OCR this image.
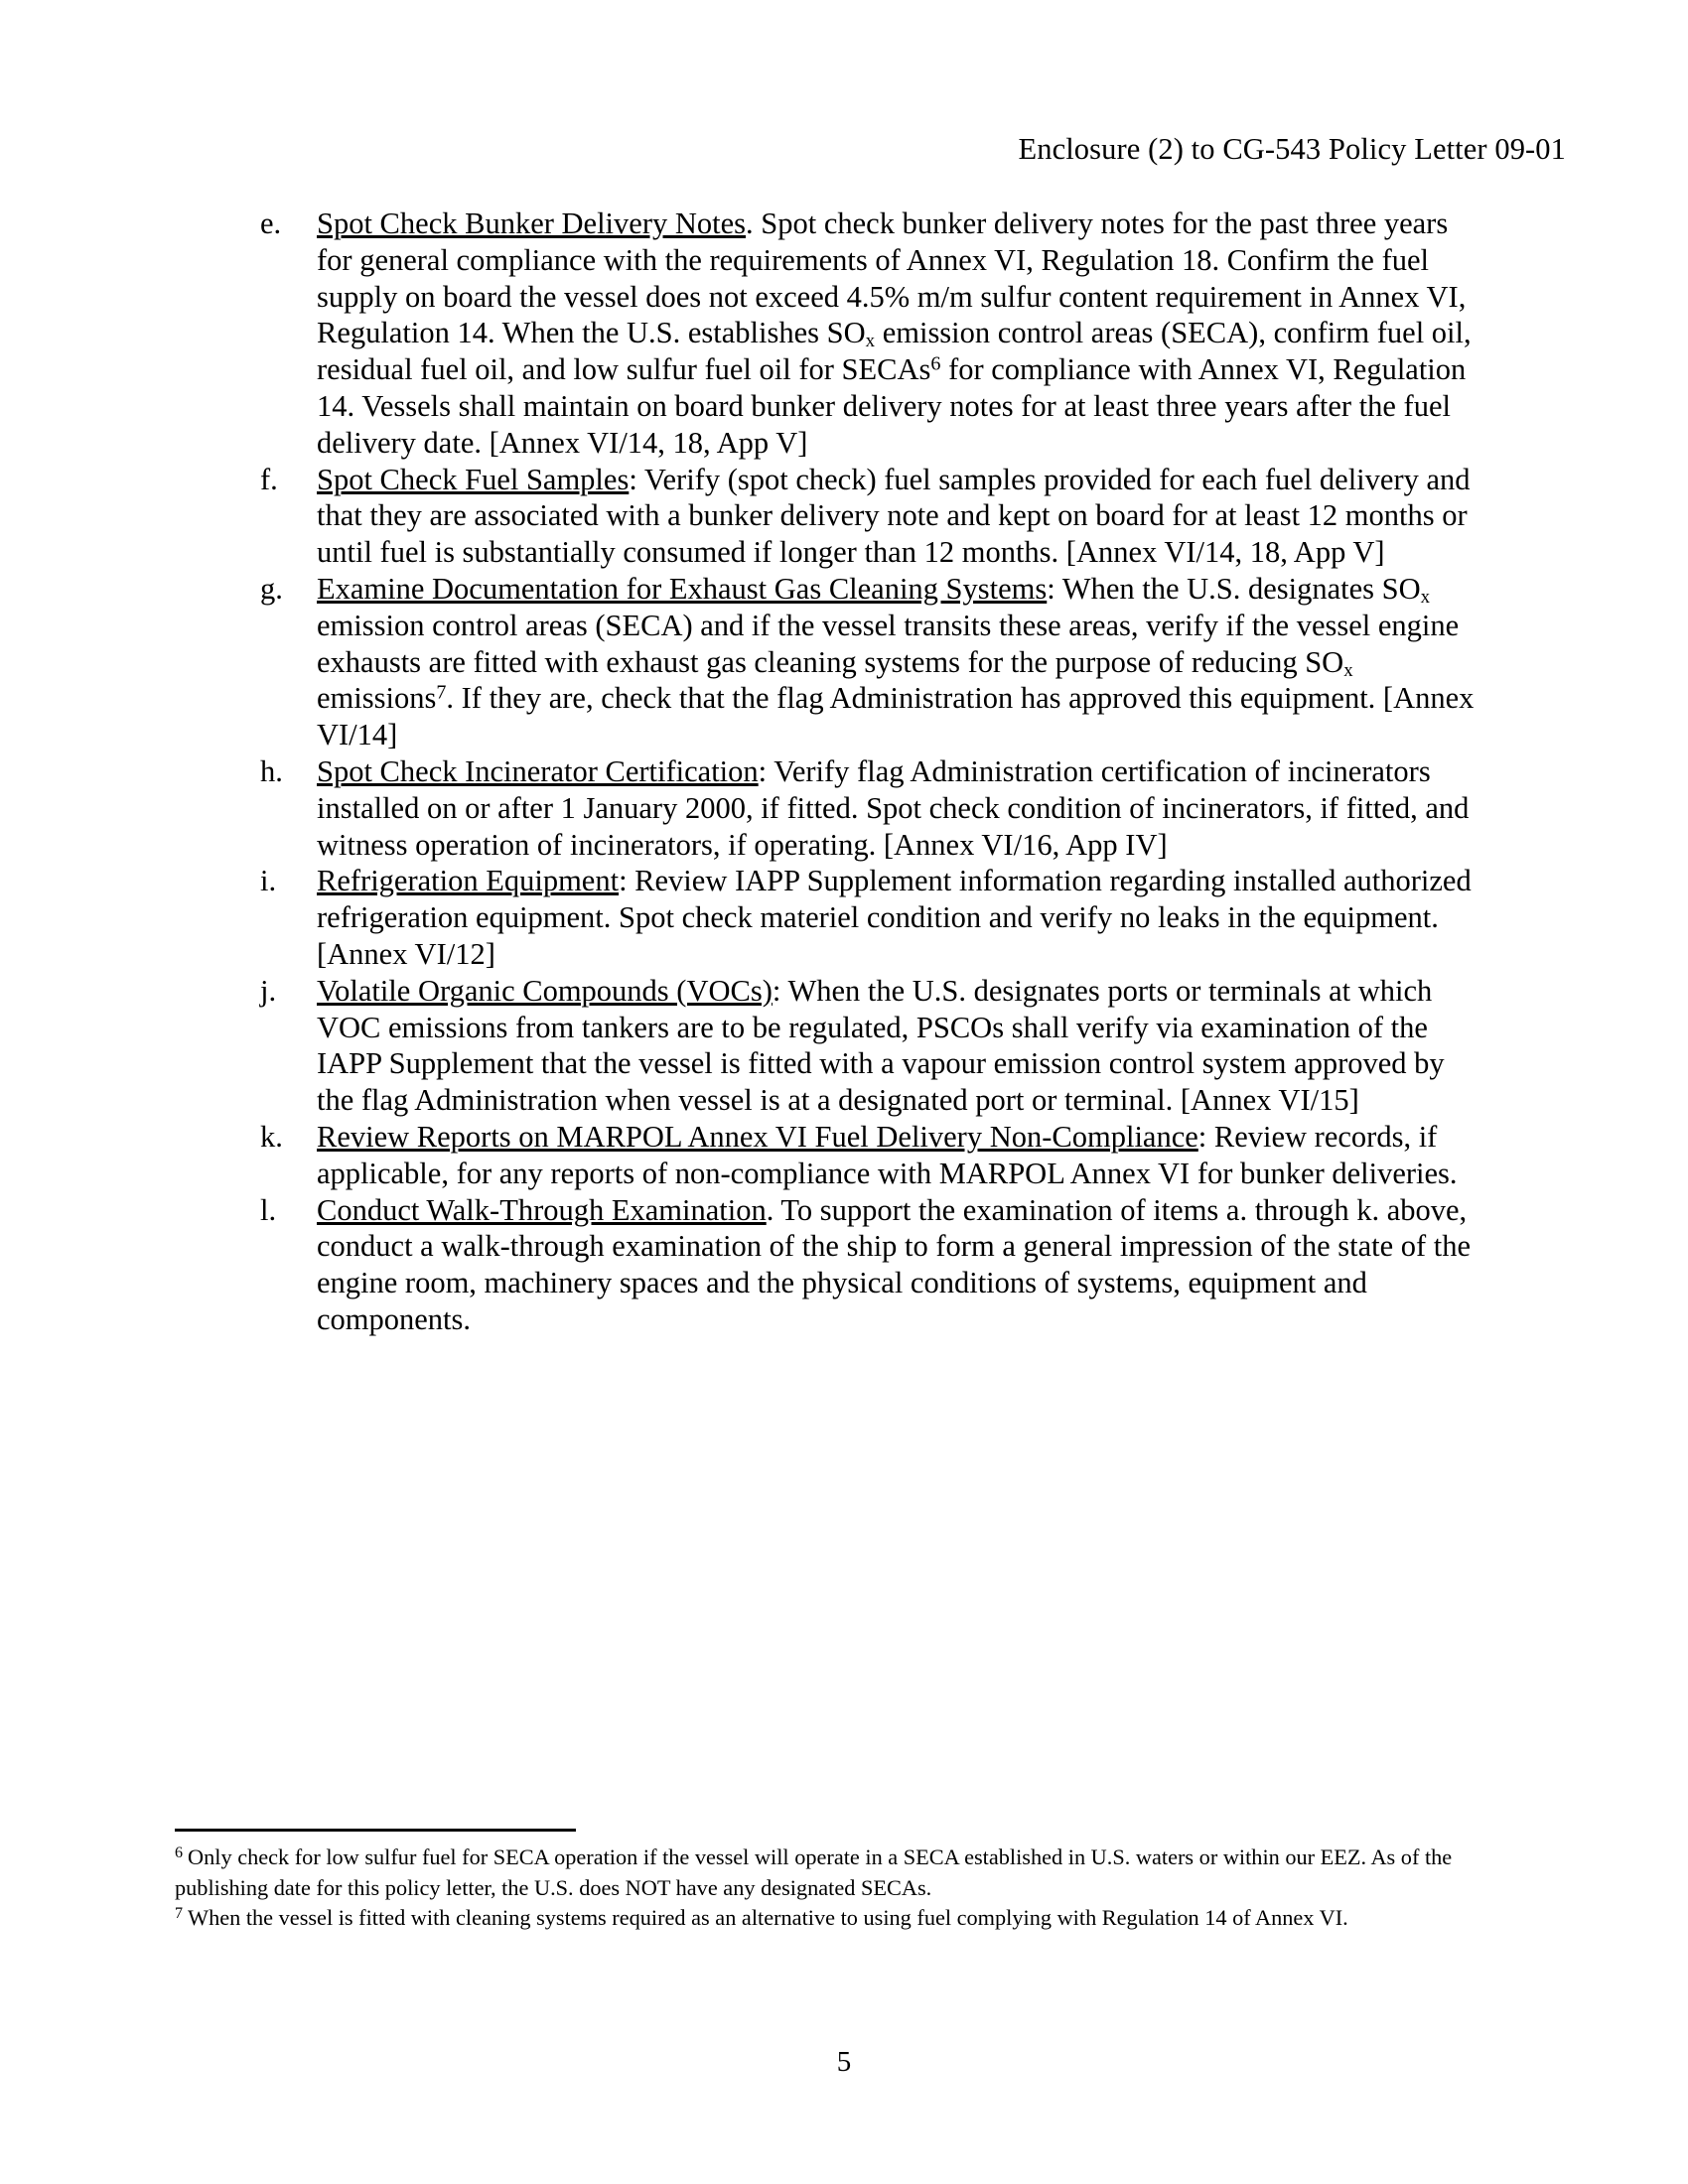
Enclosure (2) to CG-543 Policy Letter 09-01
e.	Spot Check Bunker Delivery Notes. Spot check bunker delivery notes for the past three years for general compliance with the requirements of Annex VI, Regulation 18. Confirm the fuel supply on board the vessel does not exceed 4.5% m/m sulfur content requirement in Annex VI, Regulation 14. When the U.S. establishes $SO_x$ emission control areas (SECA), confirm fuel oil, residual fuel oil, and low sulfur fuel oil for SECAs$^6$ for compliance with Annex VI, Regulation 14. Vessels shall maintain on board bunker delivery notes for at least three years after the fuel delivery date. [Annex VI/14, 18, App V]
f.	Spot Check Fuel Samples: Verify (spot check) fuel samples provided for each fuel delivery and that they are associated with a bunker delivery note and kept on board for at least 12 months or until fuel is substantially consumed if longer than 12 months. [Annex VI/14, 18, App V]
g.	Examine Documentation for Exhaust Gas Cleaning Systems: When the U.S. designates $SO_x$ emission control areas (SECA) and if the vessel transits these areas, verify if the vessel engine exhausts are fitted with exhaust gas cleaning systems for the purpose of reducing $SO_x$ emissions$^7$. If they are, check that the flag Administration has approved this equipment. [Annex VI/14]
h.	Spot Check Incinerator Certification: Verify flag Administration certification of incinerators installed on or after 1 January 2000, if fitted. Spot check condition of incinerators, if fitted, and witness operation of incinerators, if operating. [Annex VI/16, App IV]
i.	Refrigeration Equipment: Review IAPP Supplement information regarding installed authorized refrigeration equipment. Spot check materiel condition and verify no leaks in the equipment. [Annex VI/12]
j.	Volatile Organic Compounds (VOCs): When the U.S. designates ports or terminals at which VOC emissions from tankers are to be regulated, PSCOs shall verify via examination of the IAPP Supplement that the vessel is fitted with a vapour emission control system approved by the flag Administration when vessel is at a designated port or terminal. [Annex VI/15]
k.	Review Reports on MARPOL Annex VI Fuel Delivery Non-Compliance: Review records, if applicable, for any reports of non-compliance with MARPOL Annex VI for bunker deliveries.
l.	Conduct Walk-Through Examination. To support the examination of items a. through k. above, conduct a walk-through examination of the ship to form a general impression of the state of the engine room, machinery spaces and the physical conditions of systems, equipment and components.

$^6$ Only check for low sulfur fuel for SECA operation if the vessel will operate in a SECA established in U.S. waters or within our EEZ. As of the publishing date for this policy letter, the U.S. does NOT have any designated SECAs.

$^7$ When the vessel is fitted with cleaning systems required as an alternative to using fuel complying with Regulation 14 of Annex VI.

5
